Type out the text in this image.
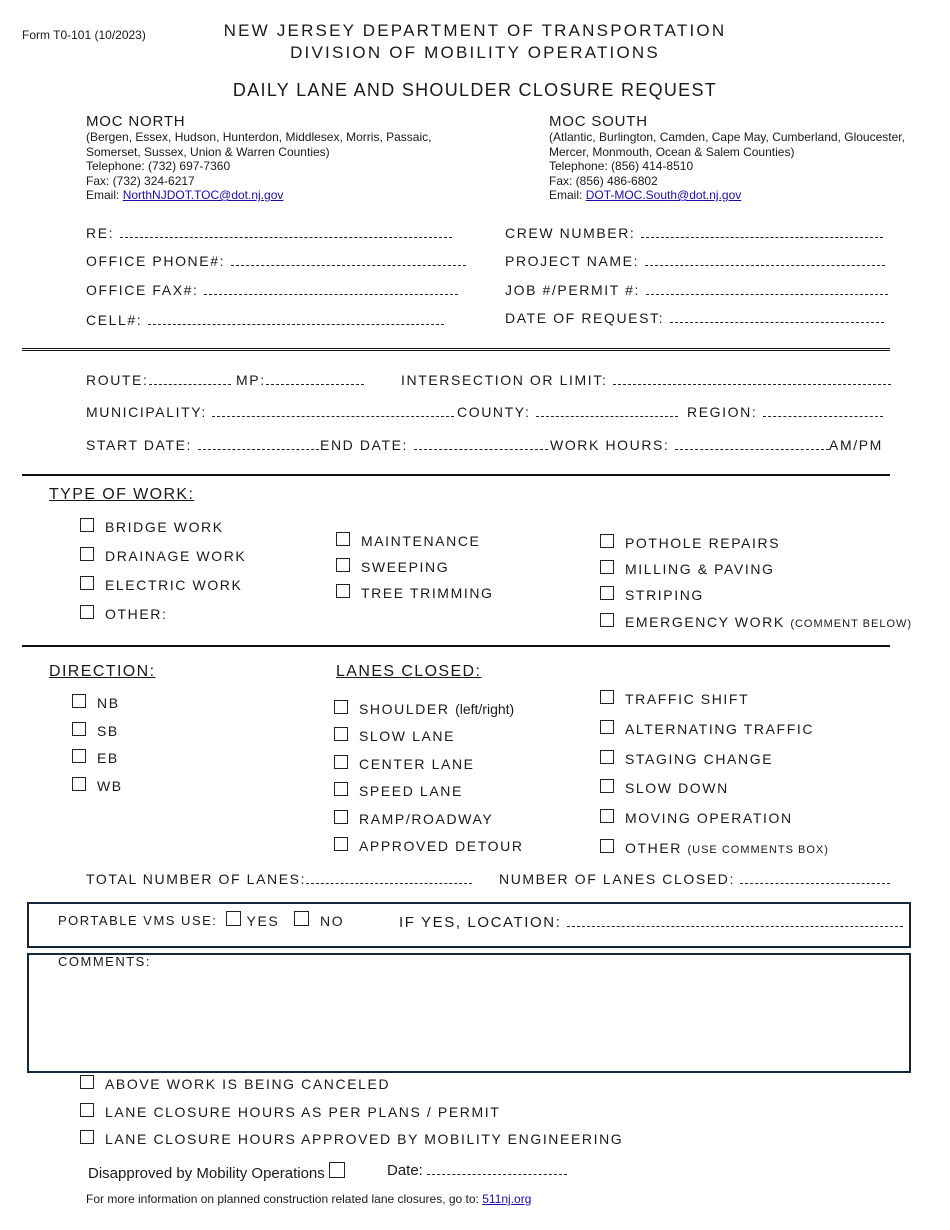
Form T0-101 (10/2023)	NEW JERSEY DEPARTMENT OF TRANSPORTATION
DIVISION OF MOBILITY OPERATIONS
DAILY LANE AND SHOULDER CLOSURE REQUEST
MOC NORTH
(Bergen, Essex, Hudson, Hunterdon, Middlesex, Morris, Passaic,
Somerset, Sussex, Union & Warren Counties)
Telephone: (732) 697-7360
Fax: (732) 324-6217
Email: NorthNJDOT.TOC@dot.nj.gov
MOC SOUTH
(Atlantic, Burlington, Camden, Cape May, Cumberland, Gloucester,
Mercer, Monmouth, Ocean & Salem Counties)
Telephone: (856) 414-8510
Fax: (856) 486-6802
Email: DOT-MOC.South@dot.nj.gov
RE:
OFFICE PHONE#:
OFFICE FAX#:
CELL#:
CREW NUMBER:
PROJECT NAME:
JOB #/PERMIT #:
DATE OF REQUEST:
ROUTE:	MP:	INTERSECTION OR LIMIT:
MUNICIPALITY:	COUNTY:	REGION:
START DATE:	END DATE:	WORK HOURS:	AM/PM
TYPE OF WORK:
BRIDGE WORK
DRAINAGE WORK
ELECTRIC WORK
OTHER:
MAINTENANCE
SWEEPING
TREE TRIMMING
POTHOLE REPAIRS
MILLING & PAVING
STRIPING
EMERGENCY WORK (COMMENT BELOW)
DIRECTION:
NB
SB
EB
WB
LANES CLOSED:
SHOULDER (left/right)
SLOW LANE
CENTER LANE
SPEED LANE
RAMP/ROADWAY
APPROVED DETOUR
TRAFFIC SHIFT
ALTERNATING TRAFFIC
STAGING CHANGE
SLOW DOWN
MOVING OPERATION
OTHER (USE COMMENTS BOX)
TOTAL NUMBER OF LANES:	NUMBER OF LANES CLOSED:
PORTABLE VMS USE:	YES	NO	IF YES, LOCATION:
COMMENTS:
ABOVE WORK IS BEING CANCELED
LANE CLOSURE HOURS AS PER PLANS / PERMIT
LANE CLOSURE HOURS APPROVED BY MOBILITY ENGINEERING
Disapproved by Mobility Operations	Date:
For more information on planned construction related lane closures, go to: 511nj.org
